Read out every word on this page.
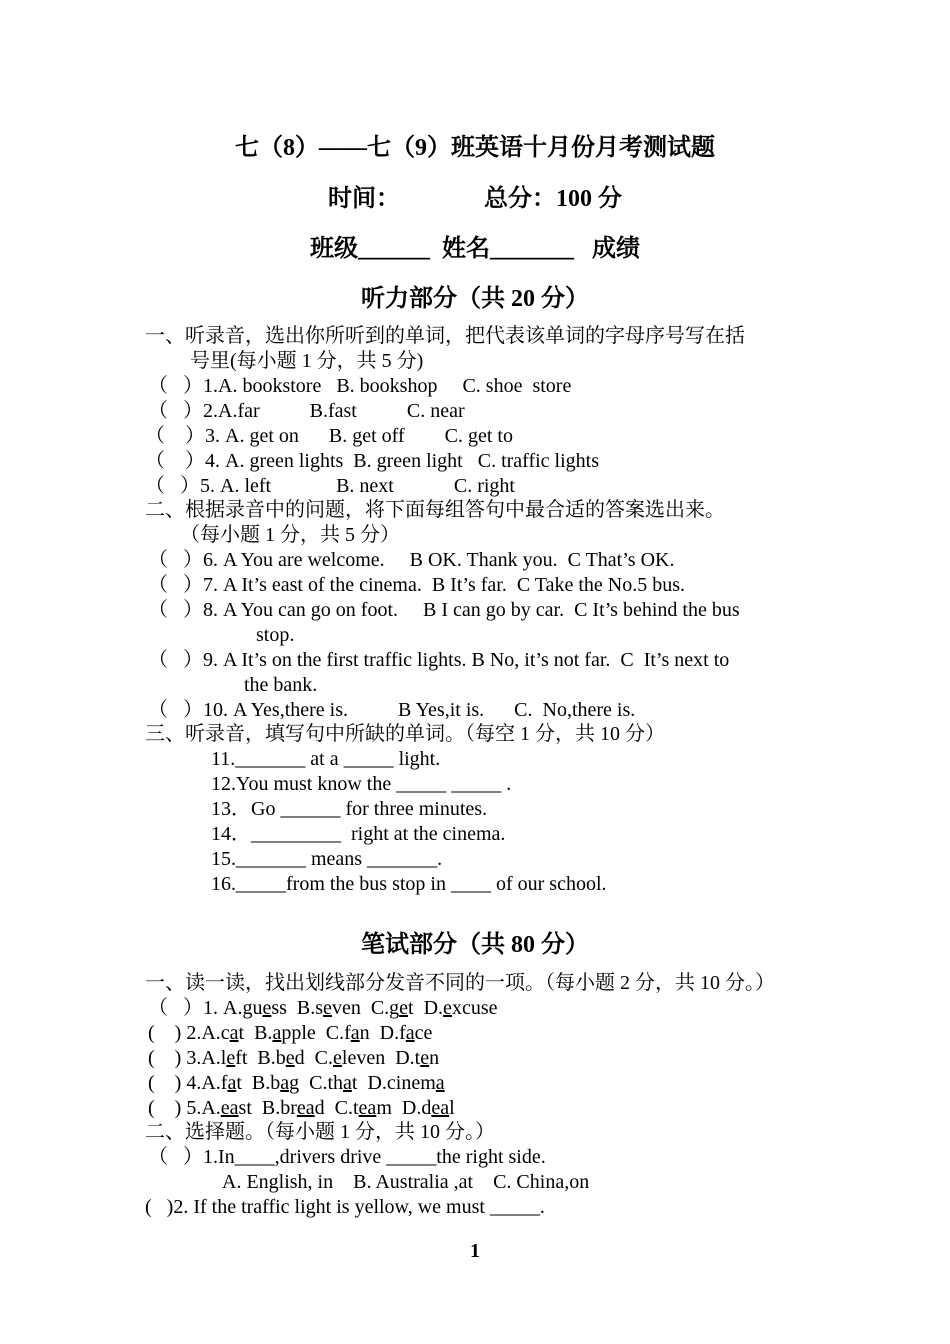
七（8）——七（9）班英语十月份月考测试题
时间：              总分：100 分
班级______  姓名_______   成绩
听力部分（共 20 分）
一、听录音，选出你所听到的单词，把代表该单词的字母序号写在括
号里(每小题 1 分，共 5 分)
（   ）1.A. bookstore   B. bookshop     C. shoe  store
（   ）2.A.far          B.fast          C. near
（    ）3. A. get on      B. get off        C. get to
（    ）4. A. green lights  B. green light   C. traffic lights
（   ）5. A. left             B. next            C. right
二、根据录音中的问题，将下面每组答句中最合适的答案选出来。
（每小题 1 分，共 5 分）
（   ）6. A You are welcome.     B OK. Thank you.  C That’s OK.
（   ）7. A It’s east of the cinema.  B It’s far.  C Take the No.5 bus.
（   ）8. A You can go on foot.     B I can go by car.  C It’s behind the bus
stop.
（   ）9. A It’s on the first traffic lights. B No, it’s not far.  C  It’s next to
the bank.
（   ）10. A Yes,there is.          B Yes,it is.      C.  No,there is.
三、听录音，填写句中所缺的单词。（每空 1 分，共 10 分）
11._______ at a _____ light.
12.You must know the _____ _____ .
13．Go ______ for three minutes.
14．_________  right at the cinema.
15._______ means _______.
16._____from the bus stop in ____ of our school.
笔试部分（共 80 分）
一、读一读，找出划线部分发音不同的一项。（每小题 2 分，共 10 分。）
（   ）1. A.guess  B.seven  C.get  D.excuse
(    ) 2.A.cat  B.apple  C.fan  D.face
(    ) 3.A.left  B.bed  C.eleven  D.ten
(    ) 4.A.fat  B.bag  C.that  D.cinema
(    ) 5.A.east  B.bread  C.team  D.deal
二、选择题。（每小题 1 分，共 10 分。）
（   ）1.In____,drivers drive _____the right side.
A. English, in    B. Australia ,at    C. China,on
(   )2. If the traffic light is yellow, we must _____.
1
